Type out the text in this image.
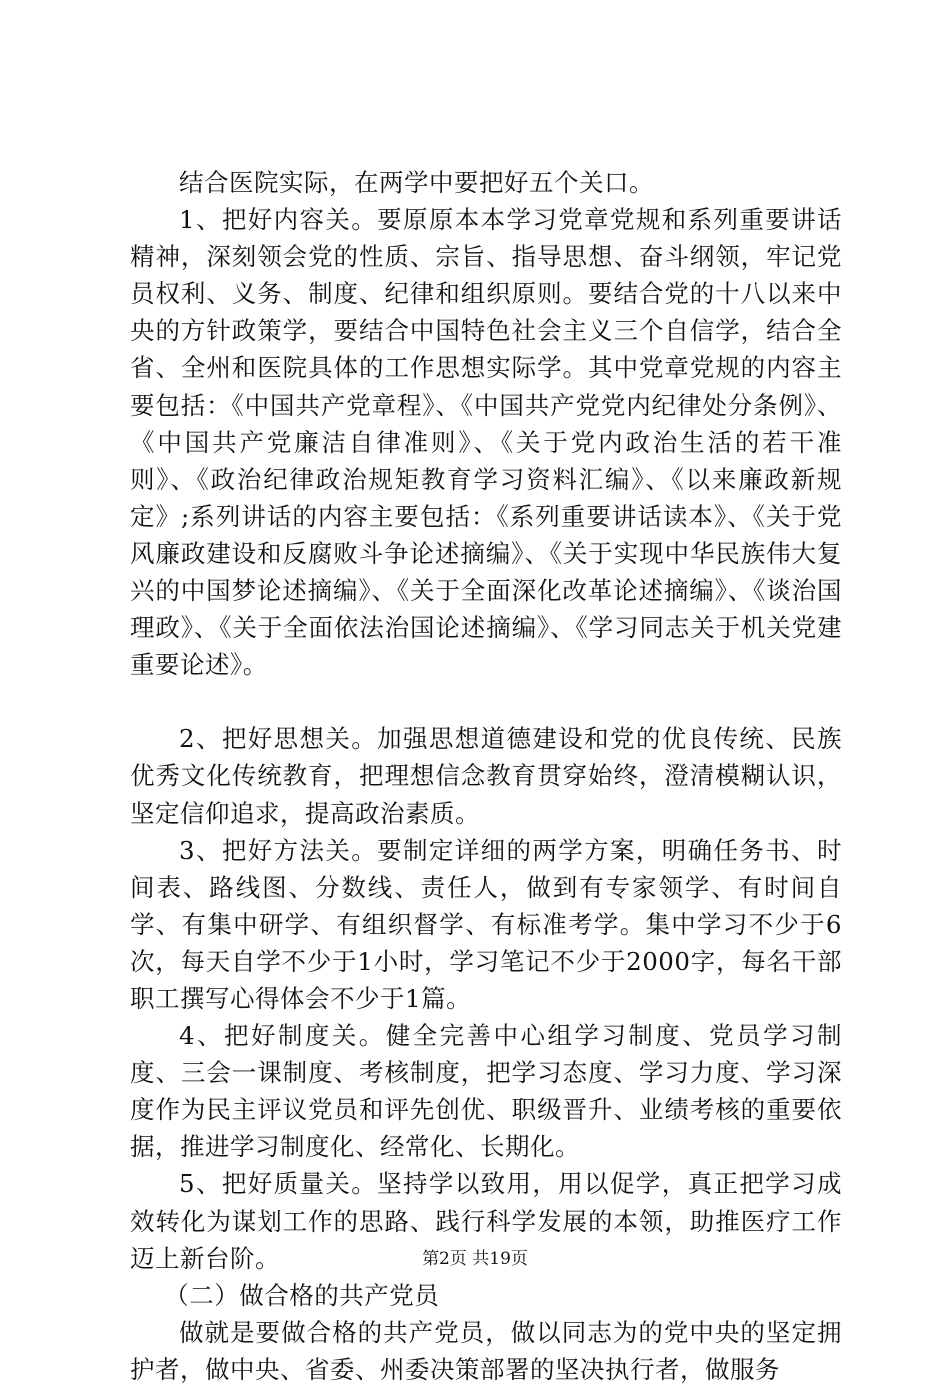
结合医院实际，在两学中要把好五个关口。

1、把好内容关。要原原本本学习党章党规和系列重要讲话精神，深刻领会党的性质、宗旨、指导思想、奋斗纲领，牢记党员权利、义务、制度、纪律和组织原则。要结合党的十八以来中央的方针政策学，要结合中国特色社会主义三个自信学，结合全省、全州和医院具体的工作思想实际学。其中党章党规的内容主要包括：《中国共产党章程》、《中国共产党党内纪律处分条例》、《中国共产党廉洁自律准则》、《关于党内政治生活的若干准则》、《政治纪律政治规矩教育学习资料汇编》、《以来廉政新规定》;系列讲话的内容主要包括：《系列重要讲话读本》、《关于党风廉政建设和反腐败斗争论述摘编》、《关于实现中华民族伟大复兴的中国梦论述摘编》、《关于全面深化改革论述摘编》、《谈治国理政》、《关于全面依法治国论述摘编》、《学习同志关于机关党建重要论述》。

2、把好思想关。加强思想道德建设和党的优良传统、民族优秀文化传统教育，把理想信念教育贯穿始终，澄清模糊认识，坚定信仰追求，提高政治素质。

3、把好方法关。要制定详细的两学方案，明确任务书、时间表、路线图、分数线、责任人，做到有专家领学、有时间自学、有集中研学、有组织督学、有标准考学。集中学习不少于6次，每天自学不少于1小时，学习笔记不少于2000字，每名干部职工撰写心得体会不少于1篇。

4、把好制度关。健全完善中心组学习制度、党员学习制度、三会一课制度、考核制度，把学习态度、学习力度、学习深度作为民主评议党员和评先创优、职级晋升、业绩考核的重要依据，推进学习制度化、经常化、长期化。

5、把好质量关。坚持学以致用，用以促学，真正把学习成效转化为谋划工作的思路、践行科学发展的本领，助推医疗工作迈上新台阶。

（二）做合格的共产党员

做就是要做合格的共产党员，做以同志为的党中央的坚定拥护者，做中央、省委、州委决策部署的坚决执行者，做服务

第2页 共19页
